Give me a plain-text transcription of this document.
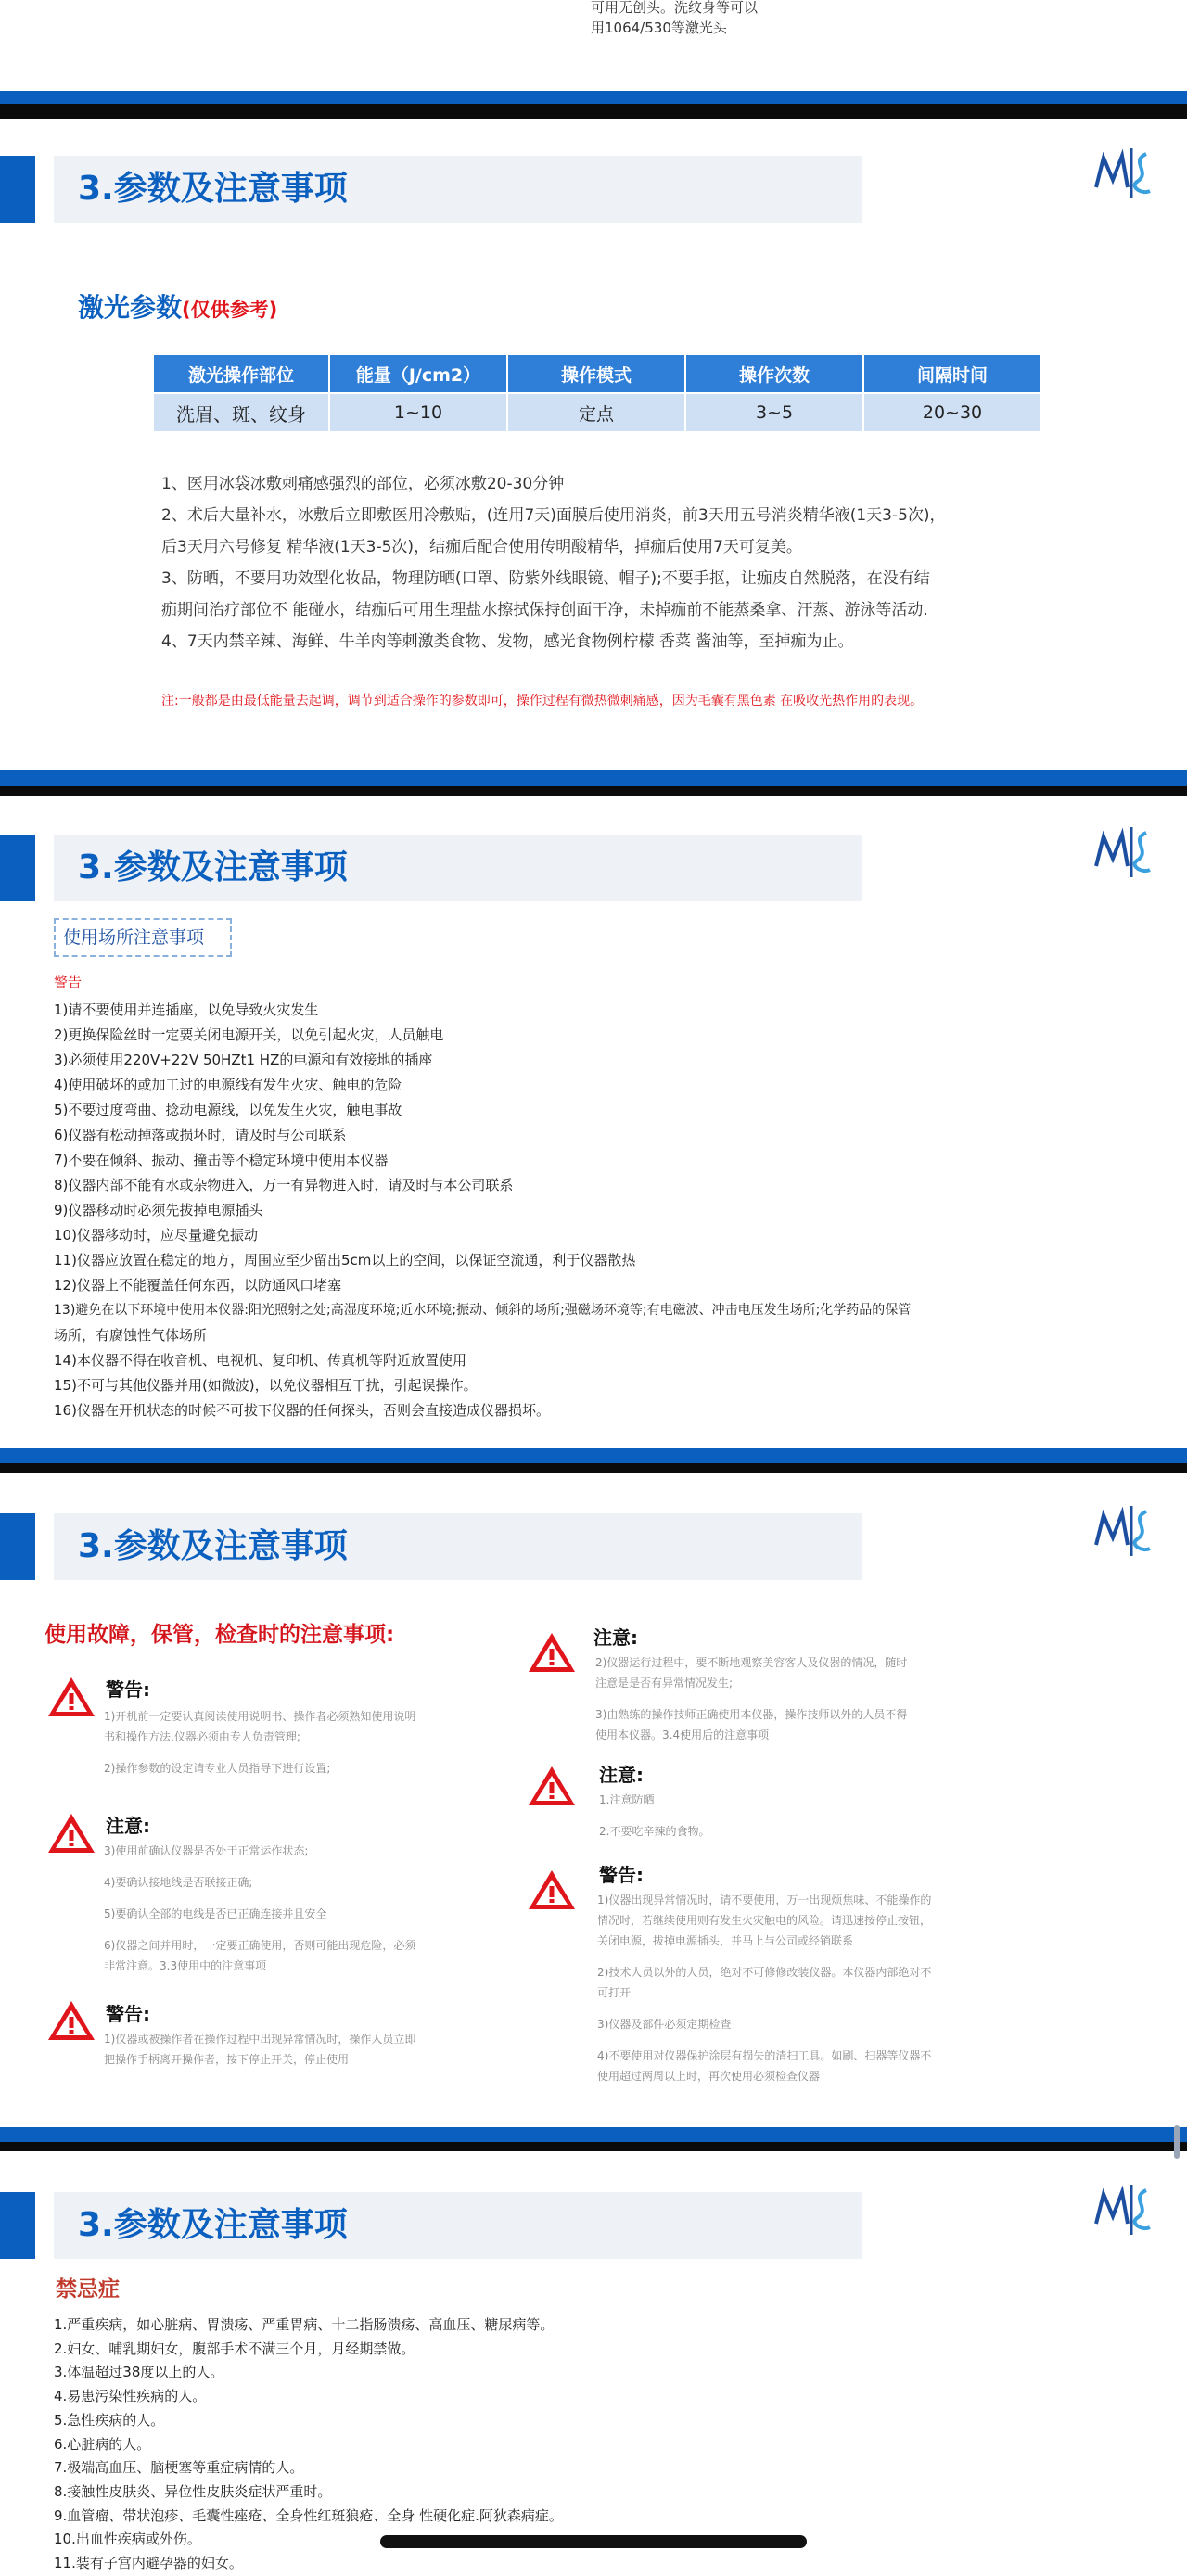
可用无创头。洗纹身等可以
用1064/530等激光头
3.参数及注意事项
激光参数(仅供参考)
激光操作部位	能量（J/cm2）	操作模式	操作次数	间隔时间
洗眉、斑、纹身	1~10	定点	3~5	20~30
1、医用冰袋冰敷刺痛感强烈的部位，必须冰敷20-30分钟
2、术后大量补水，冰敷后立即敷医用冷敷贴，(连用7天)面膜后使用消炎，前3天用五号消炎精华液(1天3-5次)，
后3天用六号修复 精华液(1天3-5次)，结痂后配合使用传明酸精华，掉痂后使用7天可复美。
3、防晒，不要用功效型化妆品，物理防晒(口罩、防紫外线眼镜、帽子);不要手抠，让痂皮自然脱落，在没有结
痂期间治疗部位不 能碰水，结痂后可用生理盐水擦拭保持创面干净，未掉痂前不能蒸桑拿、汗蒸、游泳等活动.
4、7天内禁辛辣、海鲜、牛羊肉等刺激类食物、发物，感光食物例柠檬 香菜 酱油等，至掉痂为止。
注:一般都是由最低能量去起调，调节到适合操作的参数即可，操作过程有微热微刺痛感，因为毛囊有黑色素 在吸收光热作用的表现。
3.参数及注意事项
使用场所注意事项
警告
1)请不要使用并连插座，以免导致火灾发生
2)更换保险丝时一定要关闭电源开关，以免引起火灾，人员触电
3)必须使用220V+22V 50HZt1 HZ的电源和有效接地的插座
4)使用破坏的或加工过的电源线有发生火灾、触电的危险
5)不要过度弯曲、捻动电源线，以免发生火灾，触电事故
6)仪器有松动掉落或损坏时，请及时与公司联系
7)不要在倾斜、振动、撞击等不稳定环境中使用本仪器
8)仪器内部不能有水或杂物进入，万一有异物进入时，请及时与本公司联系
9)仪器移动时必须先拔掉电源插头
10)仪器移动时，应尽量避免振动
11)仪器应放置在稳定的地方，周围应至少留出5cm以上的空间，以保证空流通，利于仪器散热
12)仪器上不能覆盖任何东西，以防通风口堵塞
13)避免在以下环境中使用本仪器:阳光照射之处;高湿度环境;近水环境;振动、倾斜的场所;强磁场环境等;有电磁波、冲击电压发生场所;化学药品的保管
场所，有腐蚀性气体场所
14)本仪器不得在收音机、电视机、复印机、传真机等附近放置使用
15)不可与其他仪器并用(如微波)，以免仪器相互干扰，引起误操作。
16)仪器在开机状态的时候不可拔下仪器的任何探头，否则会直接造成仪器损坏。
3.参数及注意事项
使用故障，保管，检查时的注意事项:
警告:
1)开机前一定要认真阅读使用说明书、操作者必须熟知使用说明
书和操作方法,仪器必须由专人负责管理;
2)操作参数的设定请专业人员指导下进行设置;
注意:
3)使用前确认仪器是否处于正常运作状态;
4)要确认接地线是否联接正确;
5)要确认全部的电线是否已正确连接并且安全
6)仪器之间并用时，一定要正确使用，否则可能出现危险，必须
非常注意。3.3使用中的注意事项
警告:
1)仪器或被操作者在操作过程中出现异常情况时，操作人员立即
把操作手柄离开操作者，按下停止开关，停止使用
注意:
2)仪器运行过程中，要不断地观察美容客人及仪器的情况，随时
注意是是否有异常情况发生;
3)由熟练的操作技师正确使用本仪器，操作技师以外的人员不得
使用本仪器。3.4使用后的注意事项
注意:
1.注意防晒
2.不要吃辛辣的食物。
警告:
1)仪器出现异常情况时，请不要使用，万一出现烦焦味、不能操作的
情况时，若继续使用则有发生火灾触电的风险。请迅速按停止按钮，
关闭电源，拔掉电源插头，并马上与公司或经销联系
2)技术人员以外的人员，绝对不可修修改装仪器。本仪器内部绝对不
可打开
3)仪器及部件必须定期检查
4)不要使用对仪器保护涂层有损失的清扫工具。如刷、扫器等仪器不
使用超过两周以上时，再次使用必须检查仪器
3.参数及注意事项
禁忌症
1.严重疾病，如心脏病、胃溃疡、严重胃病、十二指肠溃疡、高血压、糖尿病等。
2.妇女、哺乳期妇女，腹部手术不满三个月，月经期禁做。
3.体温超过38度以上的人。
4.易患污染性疾病的人。
5.急性疾病的人。
6.心脏病的人。
7.极端高血压、脑梗塞等重症病情的人。
8.接触性皮肤炎、异位性皮肤炎症状严重时。
9.血管瘤、带状泡疹、毛囊性痤疮、全身性红斑狼疮、全身 性硬化症.阿狄森病症。
10.出血性疾病或外伤。
11.装有子宫内避孕器的妇女。
